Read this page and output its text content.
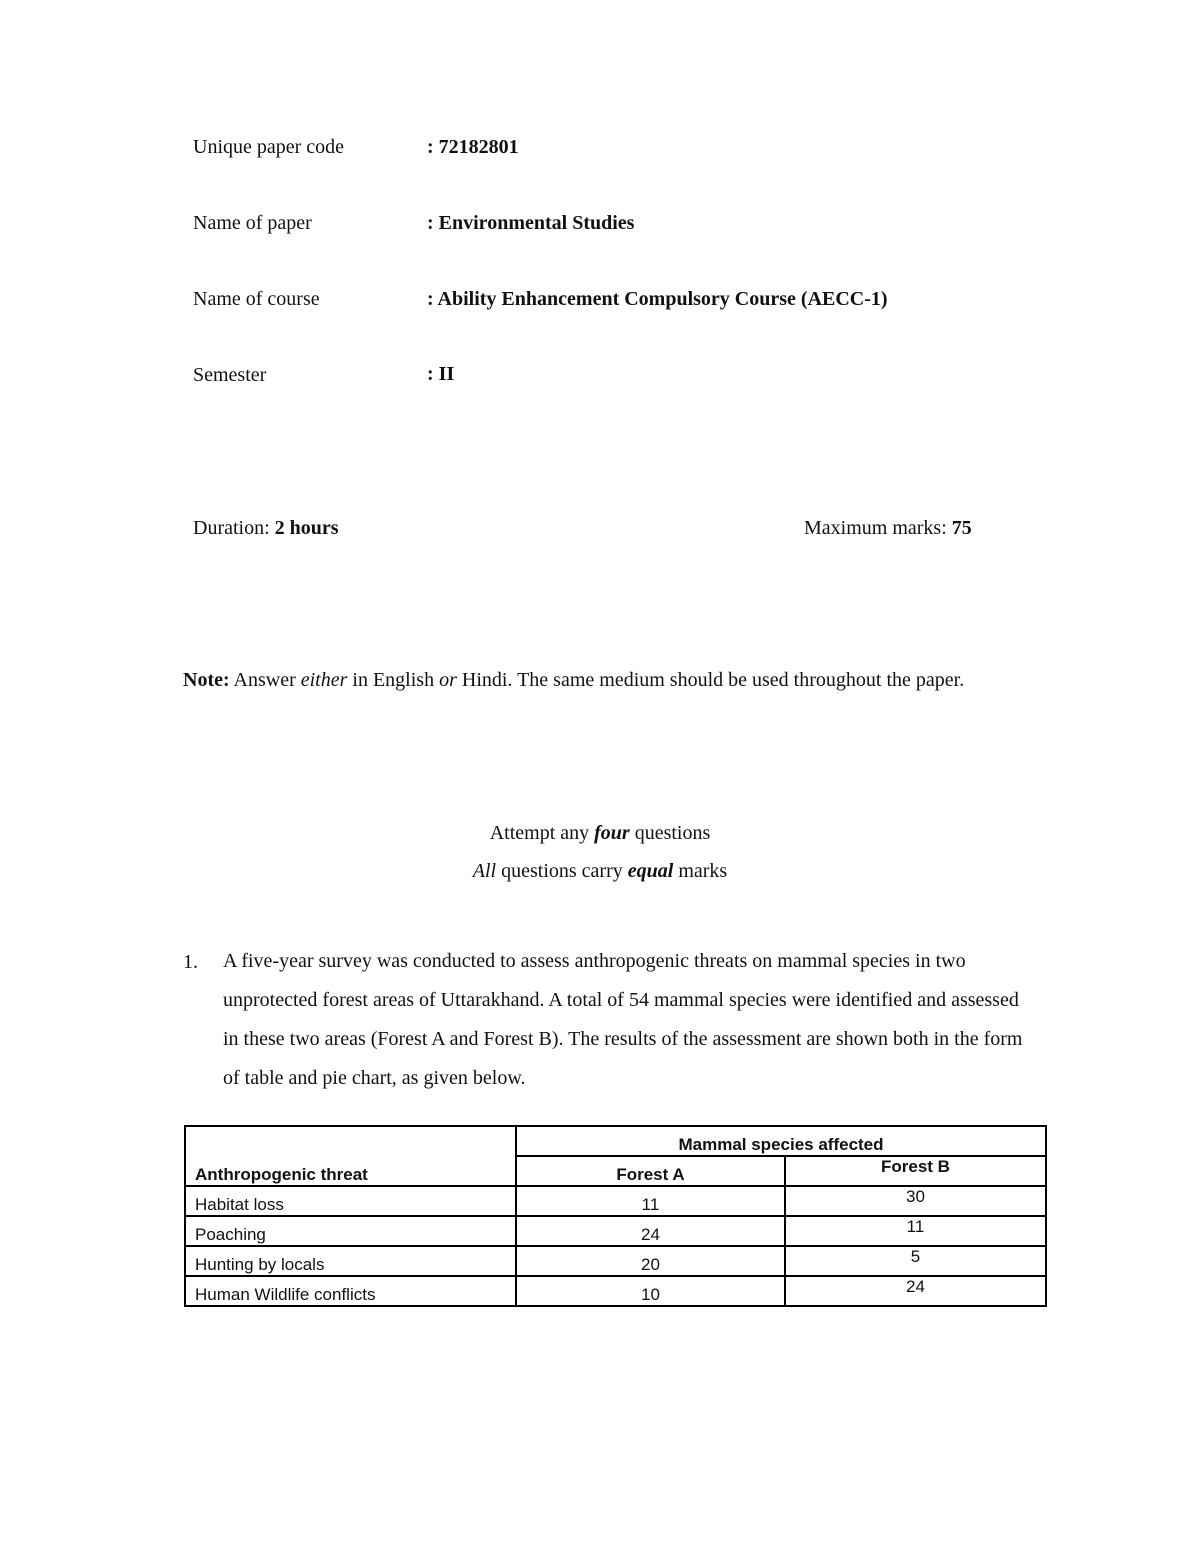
Unique paper code	: 72182801
Name of paper	: Environmental Studies
Name of course	: Ability Enhancement Compulsory Course (AECC-1)
Semester	: II
Duration: 2 hours	Maximum marks: 75
Note: Answer either in English or Hindi. The same medium should be used throughout the paper.
Attempt any four questions
All questions carry equal marks
1. A five-year survey was conducted to assess anthropogenic threats on mammal species in two unprotected forest areas of Uttarakhand. A total of 54 mammal species were identified and assessed in these two areas (Forest A and Forest B). The results of the assessment are shown both in the form of table and pie chart, as given below.
Anthropogenic threat	Mammal species affected	
	Forest A	Forest B
Habitat loss	11	30
Poaching	24	11
Hunting by locals	20	5
Human Wildlife conflicts	10	24
